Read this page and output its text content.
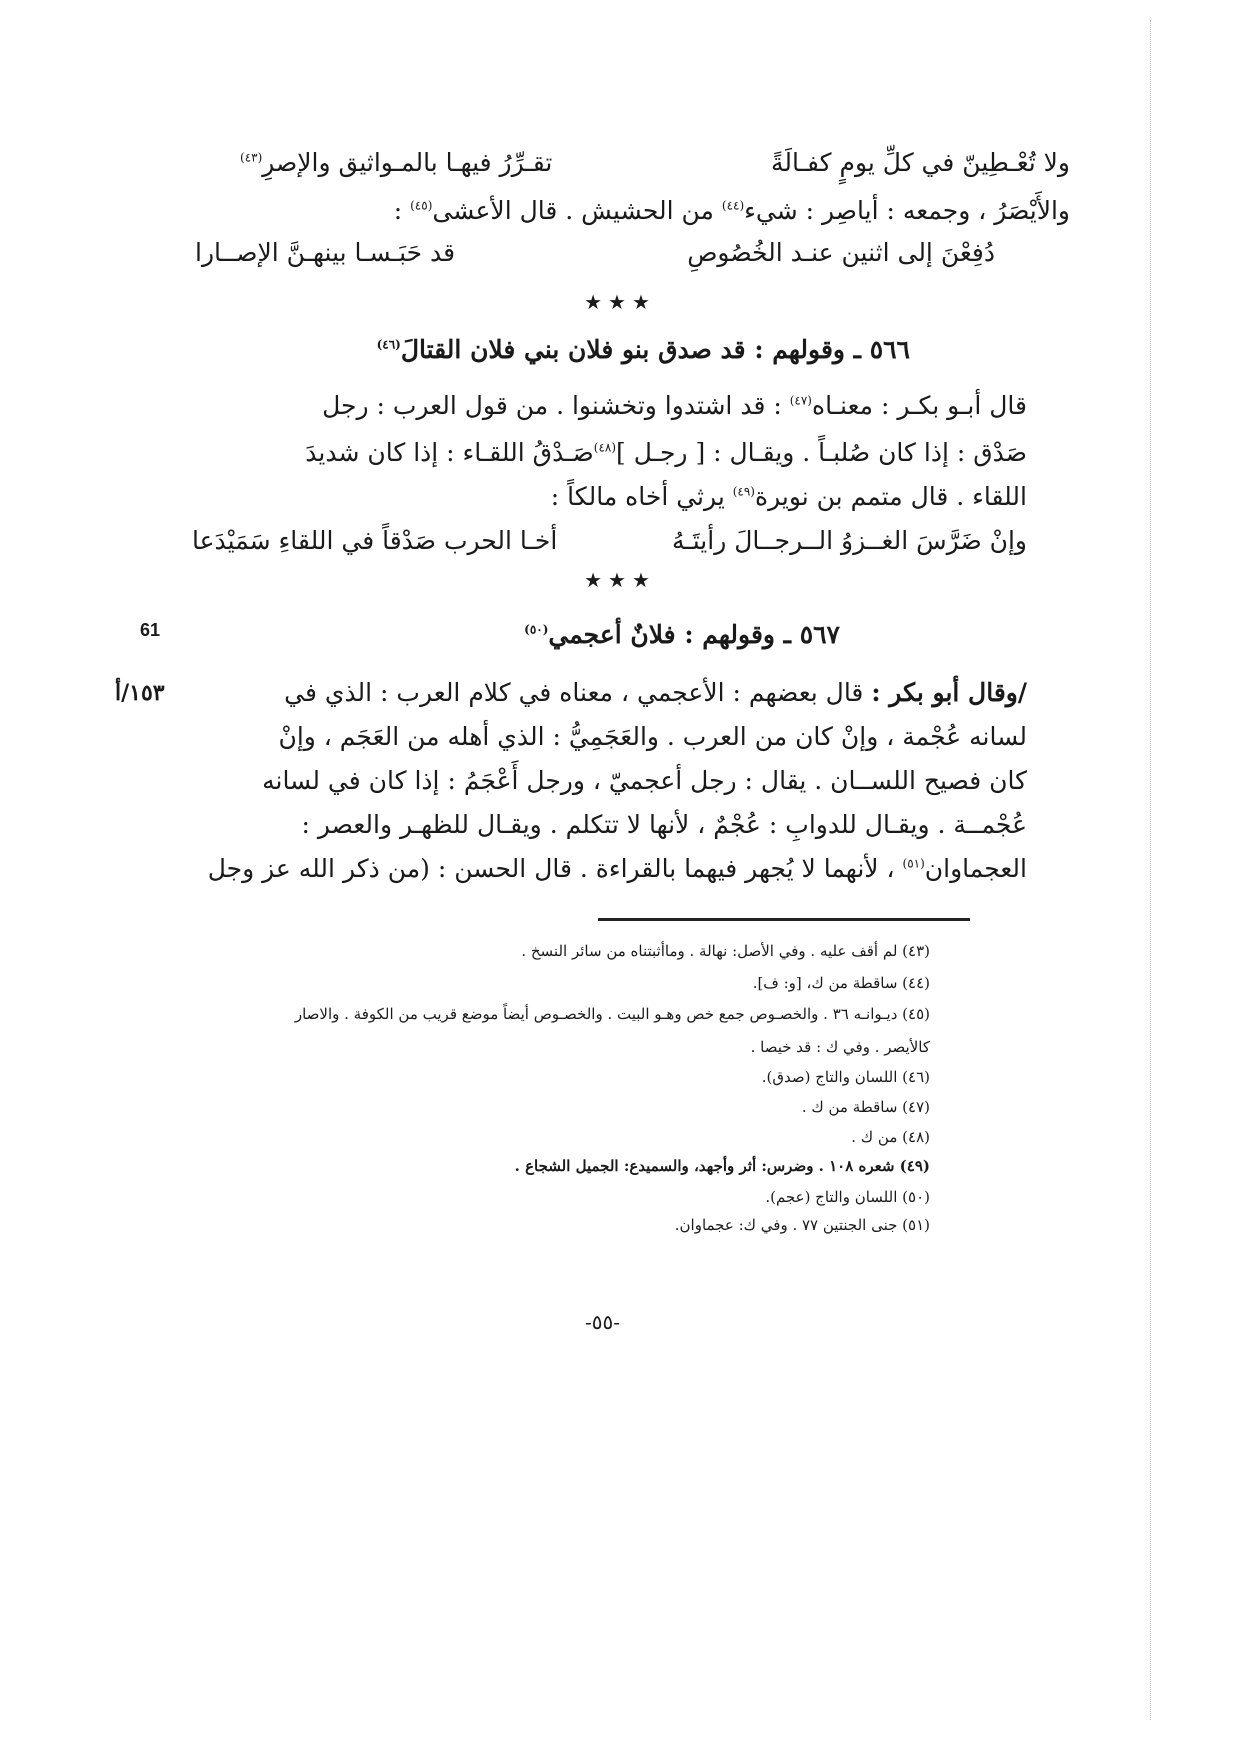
ولا تُعْـطِينّ في كلِّ يومٍ كفـالَةً
تقـرِّرُ فيهـا بالمـواثيق والإصرِ$^{(٤٣)}$
والأَيْصَرُ ، وجمعه : أياصِر : شيء$^{(٤٤)}$ من الحشيش . قال الأعشى$^{(٤٥)}$ :
دُفِعْنَ إلى اثنين عنـد الخُصُوصِ
قد حَبَـسـا بينهـنَّ الإصــارا
★★★
٥٦٦ ـ وقولهم : قد صدق بنو فلان بني فلان القتالَ$^{(٤٦)}$
قال أبـو بكـر : معنـاه$^{(٤٧)}$ : قد اشتدوا وتخشنوا . من قول العرب : رجل
صَدْق : إذا كان صُلبـاً . ويقـال : [ رجـل ]$^{(٤٨)}$صَـدْقُ اللقـاء : إذا كان شديدَ
اللقاء . قال متمم بن نويرة$^{(٤٩)}$ يرثي أخاه مالكاً :
وإنْ ضَرَّسَ الغــزوُ الــرجــالَ رأيتَـهُ
أخـا الحرب صَدْقاً في اللقاءِ سَمَيْدَعا
★★★
61	٥٦٧ ـ وقولهم : فلانٌ أعجمي$^{(٥٠)}$
١٥٣/أ	/وقال أبو بكر : قال بعضهم : الأعجمي ، معناه في كلام العرب : الذي في
لسانه عُجْمة ، وإنْ كان من العرب . والعَجَمِيُّ : الذي أهله من العَجَم ، وإنْ
كان فصيح اللســان . يقال : رجل أعجميّ ، ورجل أَعْجَمُ : إذا كان في لسانه
عُجْمــة . ويقـال للدوابِ : عُجْمٌ ، لأنها لا تتكلم . ويقـال للظهـر والعصر :
العجماوان$^{(٥١)}$ ، لأنهما لا يُجهر فيهما بالقراءة . قال الحسن : (من ذكر الله عز وجل
(٤٣) لم أقف عليه . وفي الأصل: نهالة . وماأثبتناه من سائر النسخ .
(٤٤) ساقطة من ك، [و: ف].
(٤٥) ديـوانـه ٣٦ . والخصـوص جمع خص وهـو البيت . والخصـوص أيضاً موضع قريب من الكوفة . والاصار
كالأيصر . وفي ك : قد خيصا .
(٤٦) اللسان والتاج (صدق).
(٤٧) ساقطة من ك .
(٤٨) من ك .
(٤٩) شعره ١٠٨ . وضرس: أثر وأجهد، والسميدع: الجميل الشجاع .
(٥٠) اللسان والتاج (عجم).
(٥١) جنى الجنتين ٧٧ . وفي ك: عجماوان.
-٥٥-
